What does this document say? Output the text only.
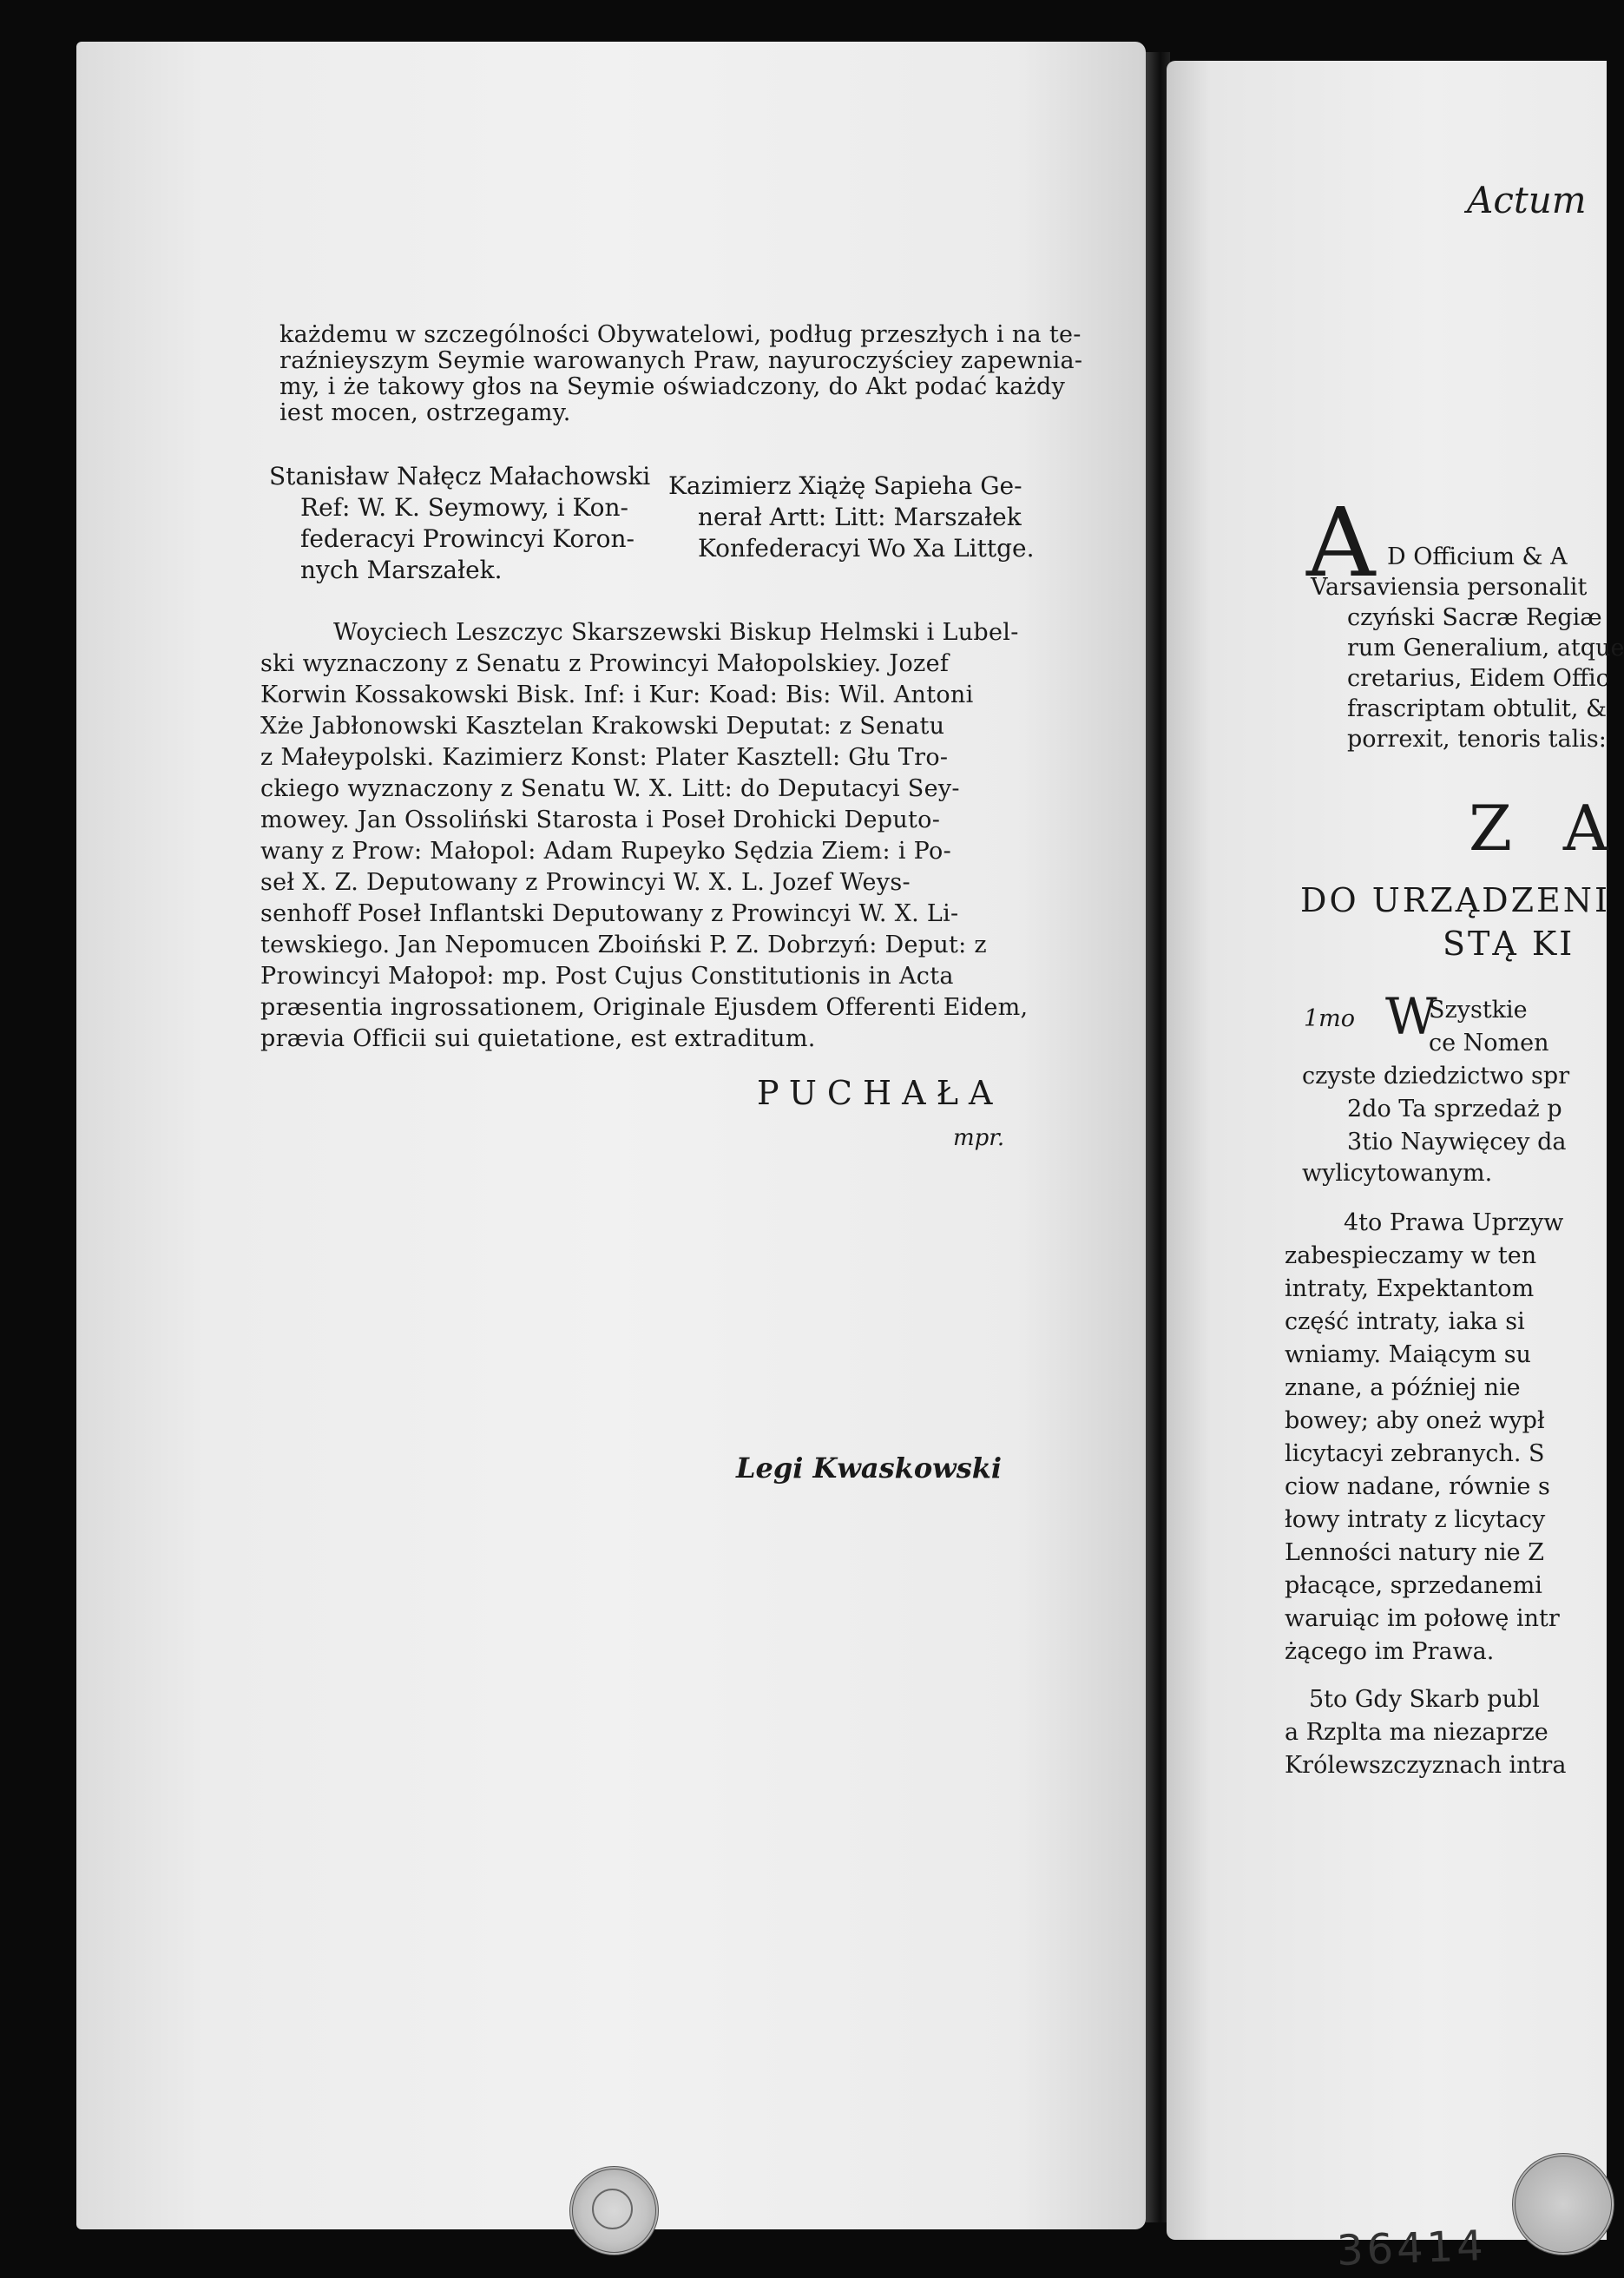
każdemu w szczególności Obywatelowi, podług przeszłych i na te-
raźnieyszym Seymie warowanych Praw, nayuroczyściey zapewnia-
my, i że takowy głos na Seymie oświadczony, do Akt podać każdy
iest mocen, ostrzegamy.
Stanisław Nałęcz Małachowski
Ref: W. K. Seymowy, i Kon-
federacyi Prowincyi Koron-
nych Marszałek.
Kazimierz Xiążę Sapieha Ge-
nerał Artt: Litt: Marszałek
Konfederacyi Wo Xa Littge.
Woyciech Leszczyc Skarszewski Biskup Helmski i Lubel-
ski wyznaczony z Senatu z Prowincyi Małopolskiey. Jozef
Korwin Kossakowski Bisk. Inf: i Kur: Koad: Bis: Wil. Antoni
Xże Jabłonowski Kasztelan Krakowski Deputat: z Senatu
z Małeypolski. Kazimierz Konst: Plater Kasztell: Głu Tro-
ckiego wyznaczony z Senatu W. X. Litt: do Deputacyi Sey-
mowey. Jan Ossoliński Starosta i Poseł Drohicki Deputo-
wany z Prow: Małopol: Adam Rupeyko Sędzia Ziem: i Po-
seł X. Z. Deputowany z Prowincyi W. X. L. Jozef Weys-
senhoff Poseł Inflantski Deputowany z Prowincyi W. X. Li-
tewskiego. Jan Nepomucen Zboiński P. Z. Dobrzyń: Deput: z
Prowincyi Małopoł: mp. Post Cujus Constitutionis in Acta
præsentia ingrossationem, Originale Ejusdem Offerenti Eidem,
prævia Officii sui quietatione, est extraditum.
PUCHAŁA
mpr.
Legi Kwaskowski
Actum
A D Officium & A
Varsaviensia personalit
czyński Sacræ Regiæ
rum Generalium, atque
cretarius, Eidem Offic
frascriptam obtulit, &
porrexit, tenoris talis:
Z A
DO URZĄDZENI
STĄ KI
1mo W
Szystkie
ce Nomen
czyste dziedzictwo spr
2do Ta sprzedaż p
3tio Naywięcey da
wylicytowanym.
4to Prawa Uprzyw
zabespieczamy w ten
intraty, Expektantom
część intraty, iaka si
wniamy. Maiącym su
znane, a później nie
bowey; aby oneż wypł
licytacyi zebranych. S
ciow nadane, równie s
łowy intraty z licytacy
Lenności natury nie Z
płacące, sprzedanemi
waruiąc im połowę intr
żącego im Prawa.
5to Gdy Skarb publ
a Rzplta ma niezaprze
Królewszczyznach intra
36414
